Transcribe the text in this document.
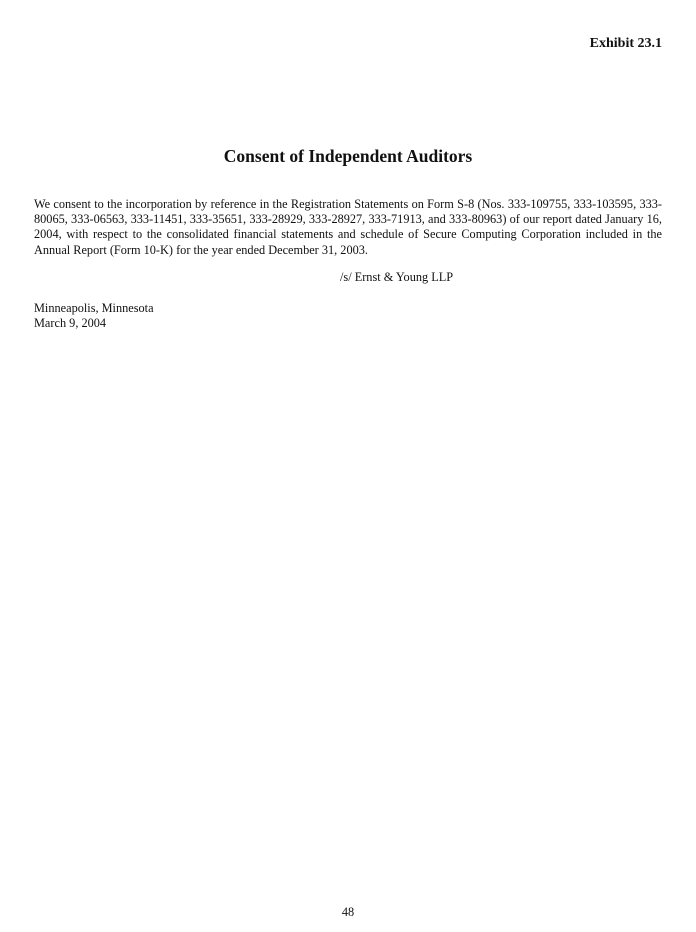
Exhibit 23.1
Consent of Independent Auditors

We consent to the incorporation by reference in the Registration Statements on Form S-8 (Nos. 333-109755, 333-103595, 333-80065, 333-06563, 333-11451, 333-35651, 333-28929, 333-28927, 333-71913, and 333-80963) of our report dated January 16, 2004, with respect to the consolidated financial statements and schedule of Secure Computing Corporation included in the Annual Report (Form 10-K) for the year ended December 31, 2003.

/s/ Ernst & Young LLP
Minneapolis, Minnesota
March 9, 2004
48
